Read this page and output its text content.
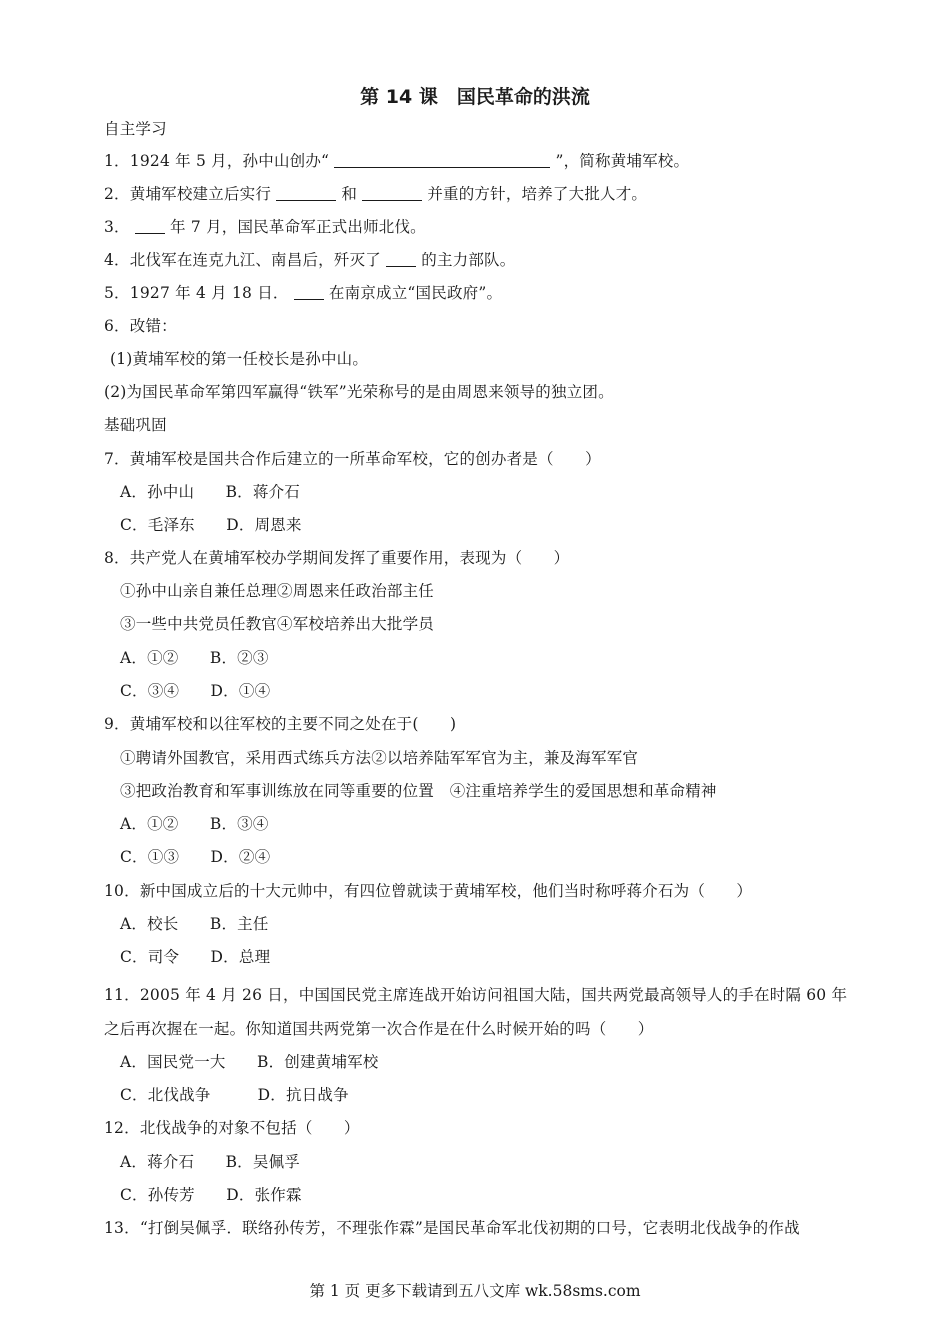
第 14 课　国民革命的洪流
自主学习
1．1924 年 5 月，孙中山创办“	”，简称黄埔军校。
2．黄埔军校建立后实行	和	并重的方针，培养了大批人才。
3．	年 7 月，国民革命军正式出师北伐。
4．北伐军在连克九江、南昌后，歼灭了	的主力部队。
5．1927 年 4 月 18 日．	在南京成立“国民政府”。
6．改错：
(1)黄埔军校的第一任校长是孙中山。
(2)为国民革命军第四军赢得“铁军”光荣称号的是由周恩来领导的独立团。
基础巩固
7．黄埔军校是国共合作后建立的一所革命军校，它的创办者是（　　）
A．孙中山　　B．蒋介石
C．毛泽东　　D．周恩来
8．共产党人在黄埔军校办学期间发挥了重要作用，表现为（　　）
①孙中山亲自兼任总理②周恩来任政治部主任
③一些中共党员任教官④军校培养出大批学员
A．①②　　B．②③
C．③④　　D．①④
9．黄埔军校和以往军校的主要不同之处在于(　　)
①聘请外国教官，采用西式练兵方法②以培养陆军军官为主，兼及海军军官
③把政治教育和军事训练放在同等重要的位置　④注重培养学生的爱国思想和革命精神
A．①②　　B．③④
C．①③　　D．②④
10．新中国成立后的十大元帅中，有四位曾就读于黄埔军校，他们当时称呼蒋介石为（　　）
A．校长　　B．主任
C．司令　　D．总理
11．2005 年 4 月 26 日，中国国民党主席连战开始访问祖国大陆，国共两党最高领导人的手在时隔 60 年
之后再次握在一起。你知道国共两党第一次合作是在什么时候开始的吗（　　）
A．国民党一大　　B．创建黄埔军校
C．北伐战争　　　D．抗日战争
12．北伐战争的对象不包括（　　）
A．蒋介石　　B．吴佩孚
C．孙传芳　　D．张作霖
13．“打倒吴佩孚．联络孙传芳，不理张作霖”是国民革命军北伐初期的口号，它表明北伐战争的作战
第 1 页 更多下载请到五八文库 wk.58sms.com
